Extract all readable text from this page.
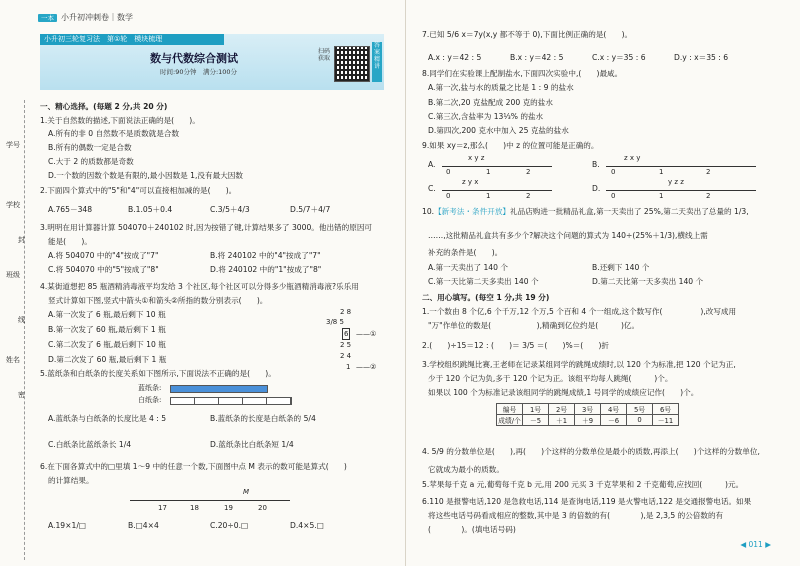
一本 小升初冲刺卷｜数学
小升初三轮复习法　第①轮　模块梳理
数与代数综合测试
时间:90分钟　满分:100分
扫码获取
答案精讲
学号
学校
封
班级
线
姓名
密
一、精心选择。(每题 2 分,共 20 分)
1.关于自然数的描述,下面说法正确的是(　　)。
A.所有的非 0 自然数不是质数就是合数
B.所有的偶数一定是合数
C.大于 2 的质数都是奇数
D.一个数的因数个数是有限的,最小因数是 1,没有最大因数
2.下面四个算式中的"5"和"4"可以直接相加减的是(　　)。
A.765－348	B.1.05＋0.4	C.3/5＋4/3	D.5/7＋4/7
3.明明在用计算器计算 504070＋240102 时,因为按错了键,计算结果多了 3000。他出错的原因可
能是(　　)。
A.将 504070 中的"4"按成了"7"	B.将 240102 中的"4"按成了"7"
C.将 504070 中的"5"按成了"8"	D.将 240102 中的"1"按成了"8"
4.某街道想把 85 瓶酒精消毒液平均发给 3 个社区,每个社区可以分得多少瓶酒精消毒液?乐乐用
竖式计算如下图,竖式中箭头①和箭头②所指的数分别表示(　　)。
A.第一次发了 6 瓶,最后剩下 10 瓶
B.第一次发了 60 瓶,最后剩下 1 瓶
C.第二次发了 6 瓶,最后剩下 10 瓶
D.第二次发了 60 瓶,最后剩下 1 瓶
2 8
3/8 5
6
2 5
2 4
1
——①
——②
5.蓝纸条和白纸条的长度关系如下图所示,下面说法不正确的是(　　)。
蓝纸条:
白纸条:
A.蓝纸条与白纸条的长度比是 4 : 5	B.蓝纸条的长度是白纸条的 5/4
C.白纸条比蓝纸条长 1/4	D.蓝纸条比白纸条短 1/4
6.在下面各算式中的□里填 1～9 中的任意一个数,下面图中点 M 表示的数可能是算式(　　)
的计算结果。
M
17	18	19	20
A.19×1/□	B.□4×4	C.20÷0.□	D.4×5.□
7.已知 5/6 x＝7y(x,y 都不等于 0),下面比例正确的是(　　)。
A.x : y＝42 : 5	B.x : y＝42 : 5	C.x : y＝35 : 6	D.y : x＝35 : 6
8.同学们在实验课上配制盐水,下面四次实验中,(　　)最咸。
A.第一次,盐与水的质量之比是 1 : 9 的盐水
B.第二次,20 克盐配成 200 克的盐水
C.第三次,含盐率为 13⅓% 的盐水
D.第四次,200 克水中加入 25 克盐的盐水
9.如果 xy＝z,那么(　　)中 z 的位置可能是正确的。
A.
x y z
0	1	2
B.
z x y
0	1	2
C.
z y x
0	1	2
D.
y z z
0	1	2
10.【新考法・条件开放】礼品店购进一批精品礼盒,第一天卖出了 25%,第二天卖出了总量的 1/3,
……,这批精品礼盒共有多少个?解决这个问题的算式为 140÷(25%＋1/3),横线上需
补充的条件是(　　)。
A.第一天卖出了 140 个	B.还剩下 140 个
C.第一天比第二天多卖出 140 个	D.第二天比第一天多卖出 140 个
二、用心填写。(每空 1 分,共 19 分)
1.一个数由 8 个亿,6 个千万,12 个万,5 个百和 4 个一组成,这个数写作(　　　　　),改写成用
"万"作单位的数是(　　　　　　),精确到亿位约是(　　　)亿。
2.(　　)÷15＝12 : (　　)＝ 3/5 ＝(　　)%＝(　　)折
3.学校组织跳绳比赛,王老师在记录某组同学的跳绳成绩时,以 120 个为标准,把 120 个记为正,
少于 120 个记为负,多于 120 个记为正。该组平均每人跳绳(　　　)个。
如果以 100 个为标准记录该组同学的跳绳成绩,1 号同学的成绩应记作(　　)个。
编号	1号	2号	3号	4号	5号	6号
成绩/个	－5	＋1	＋9	－6	0	－11
4. 5/9 的分数单位是(　　),再(　　)个这样的分数单位是最小的质数,再添上(　　)个这样的分数单位,
它就成为最小的质数。
5.苹果每千克 a 元,葡萄每千克 b 元,用 200 元买 3 千克苹果和 2 千克葡萄,应找回(　　　)元。
6.110 是报警电话,120 是急救电话,114 是查询电话,119 是火警电话,122 是交通报警电话。如果
将这些电话号码看成相应的整数,其中是 3 的倍数的有(　　　　),是 2,3,5 的公倍数的有
(　　　　)。(填电话号码)
◀ 011 ▶
